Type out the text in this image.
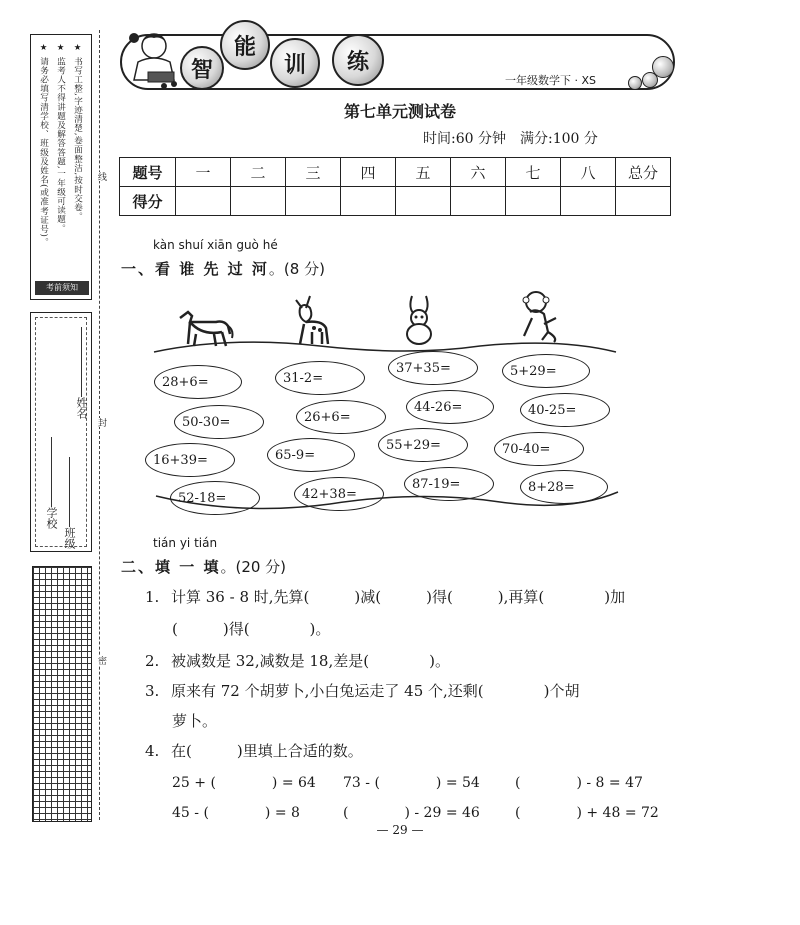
★ 请务必填写清学校、班级及姓名(或准考证号)。 ★ 监考人不得讲题及解答答题,一年级可读题。 ★ 书写工整,字迹清楚,卷面整洁,按时交卷。
考前须知
学校
班级
姓名
线
封
密
智
能
训	练
一年级数学下 · XS
第七单元测试卷
时间:60 分钟　满分:100 分
题号	一	二	三	四	五	六	七	八	总分
得分									
kàn shuí xiān guò hé
一、看 谁 先 过 河。(8 分)
28+6=	31-2=
37+35=	5+29=
50-30=	26+6=
44-26=	40-25=
16+39=	65-9=
55+29=	70-40=
52-18=	42+38=
87-19=	8+28=
tián yi tián
二、填 一 填。(20 分)
1. 计算 36 - 8 时,先算(　　　)减(　　　)得(　　　),再算(　　　　)加
(　　　)得(　　　　)。
2. 被减数是 32,减数是 18,差是(　　　　)。
3. 原来有 72 个胡萝卜,小白兔运走了 45 个,还剩(　　　　)个胡
萝卜。
4. 在(　　　)里填上合适的数。
25 + (　　　　) = 64 73 - (　　　　) = 54	(　　　　) - 8 = 47
45 - (　　　　) = 8	(　　　　) - 29 = 46	(　　　　) + 48 = 72
— 29 —
